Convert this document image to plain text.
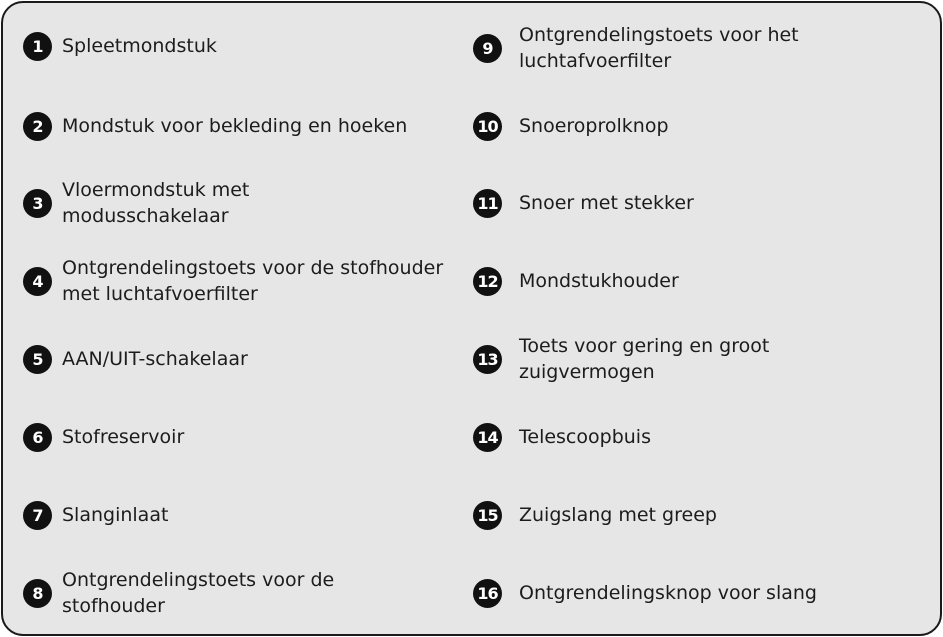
1	Spleetmondstuk
2	Mondstuk voor bekleding en hoeken
3
Vloermondstuk met modusschakelaar
4
Ontgrendelingstoets voor de stofhouder met luchtafvoerfilter
5	AAN/UIT-schakelaar
6	Stofreservoir
7	Slanginlaat
8
Ontgrendelingstoets voor de stofhouder
9
Ontgrendelingstoets voor het luchtafvoerfilter
10 Snoeroprolknop
11 Snoer met stekker
12 Mondstukhouder
13
Toets voor gering en groot zuigvermogen
14 Telescoopbuis
15 Zuigslang met greep
16 Ontgrendelingsknop voor slang
